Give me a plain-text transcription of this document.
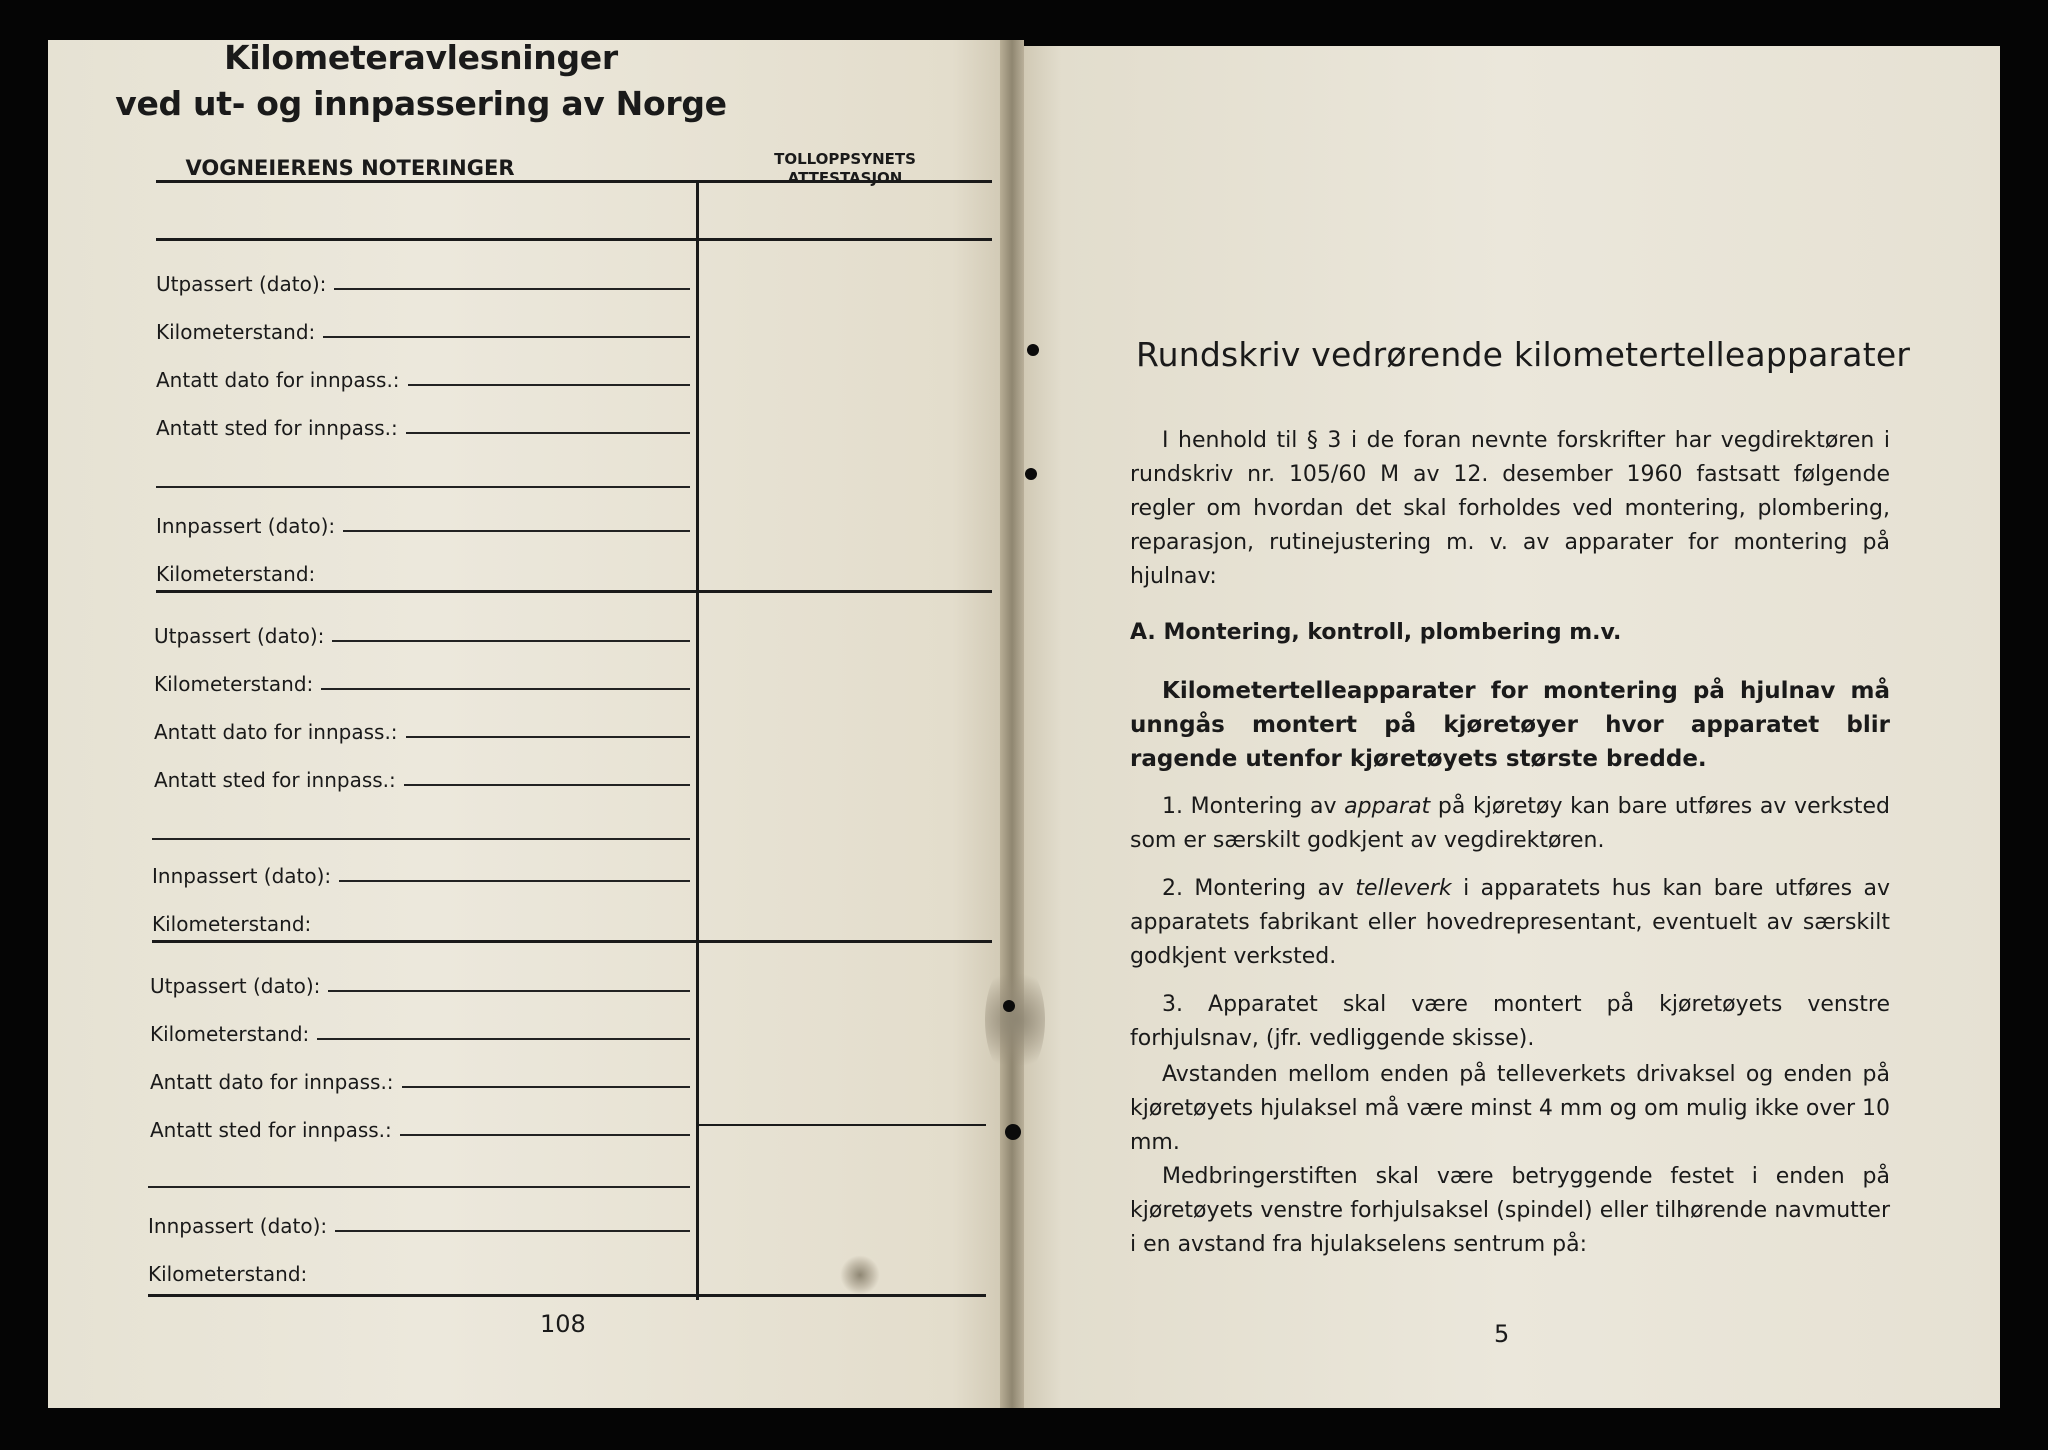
Kilometeravlesninger
ved ut- og innpassering av Norge
VOGNEIERENS NOTERINGER	TOLLOPPSYNETS
ATTESTASJON
Utpassert (dato):
Kilometerstand:
Antatt dato for innpass.:
Antatt sted for innpass.:
Innpassert (dato):
Kilometerstand:
Utpassert (dato):
Kilometerstand:
Antatt dato for innpass.:
Antatt sted for innpass.:
Innpassert (dato):
Kilometerstand:
Utpassert (dato):
Kilometerstand:
Antatt dato for innpass.:
Antatt sted for innpass.:
Innpassert (dato):
Kilometerstand:
108
Rundskriv vedrørende kilometertelleapparater
I henhold til § 3 i de foran nevnte forskrifter har vegdirektøren i rundskriv nr. 105/60 M av 12. desember 1960 fastsatt følgende regler om hvordan det skal forholdes ved montering, plombering, reparasjon, rutinejustering m. v. av apparater for montering på hjulnav:
A. Montering, kontroll, plombering m.v.
Kilometertelleapparater for montering på hjulnav må unngås montert på kjøretøyer hvor apparatet blir ragende utenfor kjøretøyets største bredde.
1. Montering av apparat på kjøretøy kan bare utføres av verksted som er særskilt godkjent av vegdirektøren.
2. Montering av telleverk i apparatets hus kan bare utføres av apparatets fabrikant eller hovedrepresentant, eventuelt av særskilt godkjent verksted.
3. Apparatet skal være montert på kjøretøyets venstre forhjulsnav, (jfr. vedliggende skisse).
Avstanden mellom enden på telleverkets drivaksel og enden på kjøretøyets hjulaksel må være minst 4 mm og om mulig ikke over 10 mm.
Medbringerstiften skal være betryggende festet i enden på kjøretøyets venstre forhjulsaksel (spindel) eller tilhørende navmutter i en avstand fra hjulakselens sentrum på:
5
